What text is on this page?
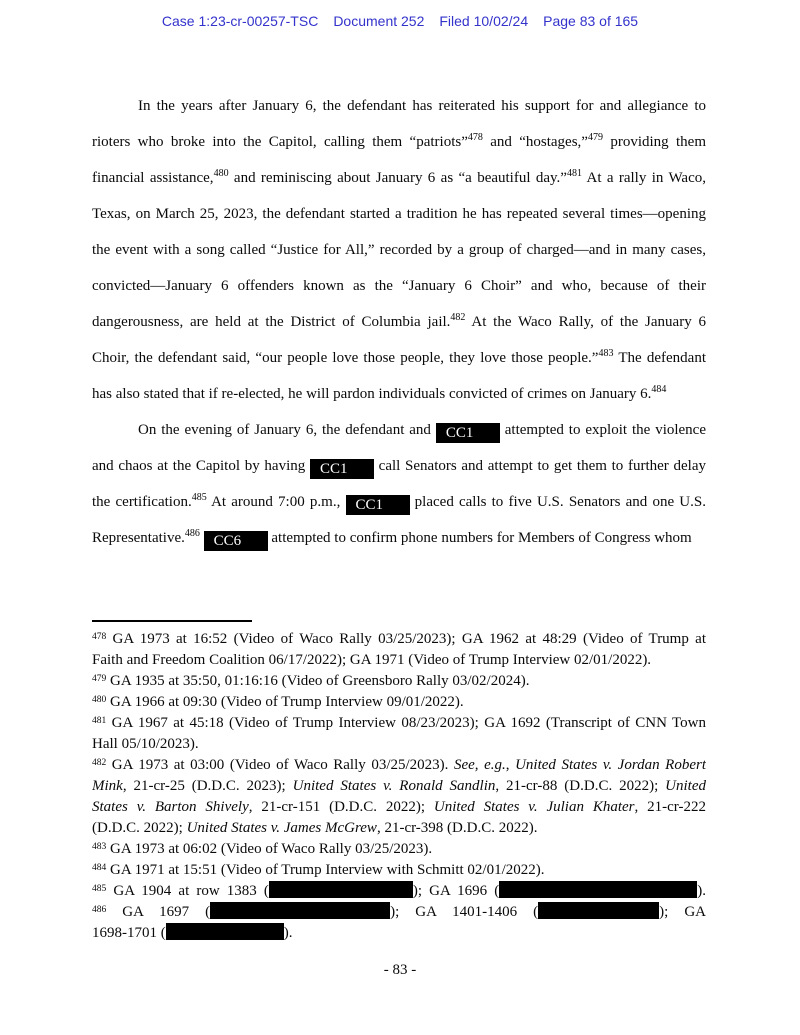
Case 1:23-cr-00257-TSC Document 252 Filed 10/02/24 Page 83 of 165
In the years after January 6, the defendant has reiterated his support for and allegiance to
rioters who broke into the Capitol, calling them “patriots”$^{478}$ and “hostages,”$^{479}$ providing them
financial assistance,$^{480}$ and reminiscing about January 6 as “a beautiful day.”$^{481}$ At a rally in Waco,
Texas, on March 25, 2023, the defendant started a tradition he has repeated several times—opening
the event with a song called “Justice for All,” recorded by a group of charged—and in many cases,
convicted—January 6 offenders known as the “January 6 Choir” and who, because of their
dangerousness, are held at the District of Columbia jail.$^{482}$ At the Waco Rally, of the January 6
Choir, the defendant said, “our people love those people, they love those people.”$^{483}$ The defendant
has also stated that if re-elected, he will pardon individuals convicted of crimes on January 6.$^{484}$
On the evening of January 6, the defendant and CC1 attempted to exploit the violence
and chaos at the Capitol by having CC1 call Senators and attempt to get them to further delay
the certification.$^{485}$ At around 7:00 p.m., CC1 placed calls to five U.S. Senators and one U.S.
Representative.$^{486}$ CC6 attempted to confirm phone numbers for Members of Congress whom
$^{478}$ GA 1973 at 16:52 (Video of Waco Rally 03/25/2023); GA 1962 at 48:29 (Video of Trump at
Faith and Freedom Coalition 06/17/2022); GA 1971 (Video of Trump Interview 02/01/2022).
$^{479}$ GA 1935 at 35:50, 01:16:16 (Video of Greensboro Rally 03/02/2024).
$^{480}$ GA 1966 at 09:30 (Video of Trump Interview 09/01/2022).
$^{481}$ GA 1967 at 45:18 (Video of Trump Interview 08/23/2023); GA 1692 (Transcript of CNN Town
Hall 05/10/2023).
$^{482}$ GA 1973 at 03:00 (Video of Waco Rally 03/25/2023). See, e.g., United States v. Jordan Robert
Mink, 21-cr-25 (D.D.C. 2023); United States v. Ronald Sandlin, 21-cr-88 (D.D.C. 2022); United
States v. Barton Shively, 21-cr-151 (D.D.C. 2022); United States v. Julian Khater, 21-cr-222
(D.D.C. 2022); United States v. James McGrew, 21-cr-398 (D.D.C. 2022).
$^{483}$ GA 1973 at 06:02 (Video of Waco Rally 03/25/2023).
$^{484}$ GA 1971 at 15:51 (Video of Trump Interview with Schmitt 02/01/2022).
$^{485}$ GA 1904 at row 1383 (	); GA 1696 (	).
$^{486}$ GA 1697 (	); GA 1401-1406 (	); GA
1698-1701 (	).
- 83 -
